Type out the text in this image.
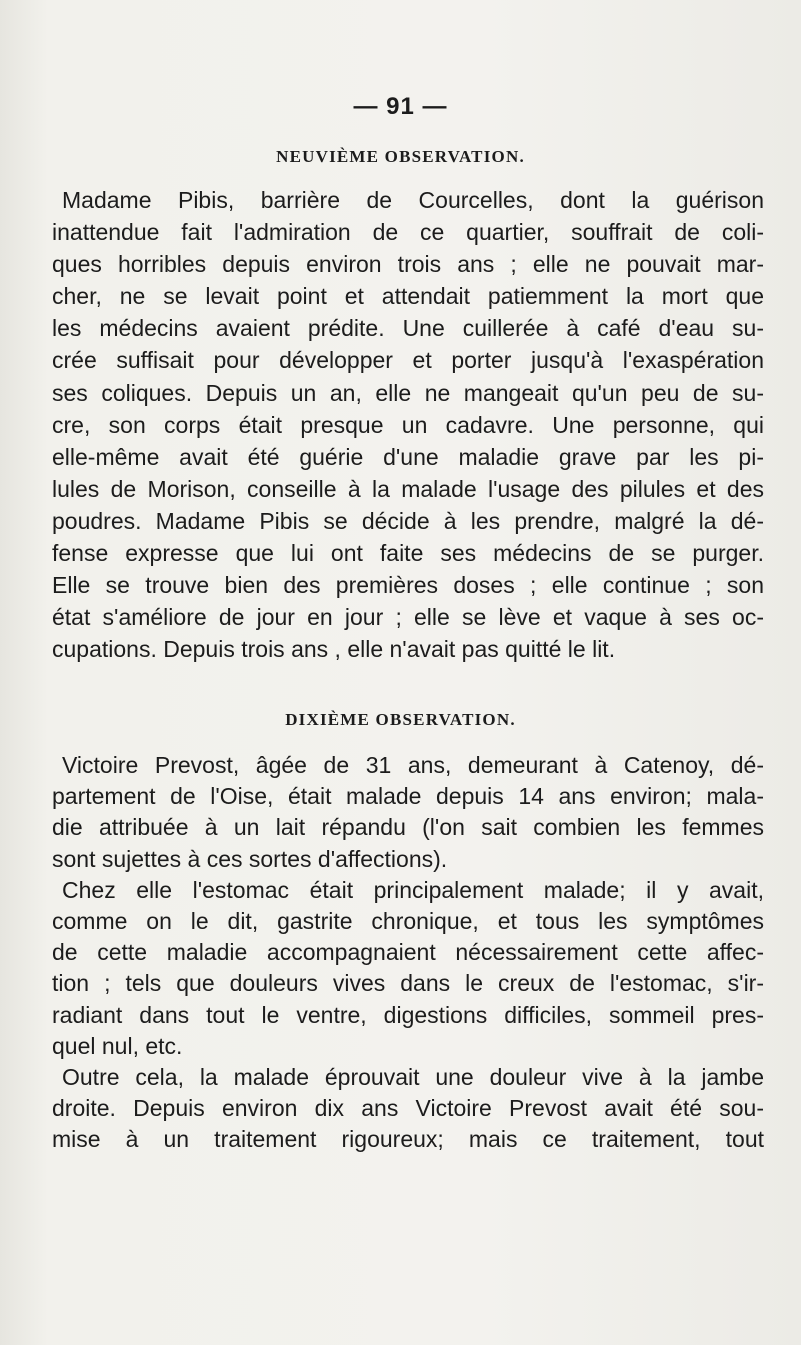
— 91 —
NEUVIÈME OBSERVATION.
Madame Pibis, barrière de Courcelles, dont la guérison
inattendue fait l'admiration de ce quartier, souffrait de coli-
ques horribles depuis environ trois ans ; elle ne pouvait mar-
cher, ne se levait point et attendait patiemment la mort que
les médecins avaient prédite. Une cuillerée à café d'eau su-
crée suffisait pour développer et porter jusqu'à l'exaspération
ses coliques. Depuis un an, elle ne mangeait qu'un peu de su-
cre, son corps était presque un cadavre. Une personne, qui
elle-même avait été guérie d'une maladie grave par les pi-
lules de Morison, conseille à la malade l'usage des pilules et des
poudres. Madame Pibis se décide à les prendre, malgré la dé-
fense expresse que lui ont faite ses médecins de se purger.
Elle se trouve bien des premières doses ; elle continue ; son
état s'améliore de jour en jour ; elle se lève et vaque à ses oc-
cupations. Depuis trois ans , elle n'avait pas quitté le lit.
DIXIÈME OBSERVATION.
Victoire Prevost, âgée de 31 ans, demeurant à Catenoy, dé-
partement de l'Oise, était malade depuis 14 ans environ; mala-
die attribuée à un lait répandu (l'on sait combien les femmes
sont sujettes à ces sortes d'affections).
Chez elle l'estomac était principalement malade; il y avait,
comme on le dit, gastrite chronique, et tous les symptômes
de cette maladie accompagnaient nécessairement cette affec-
tion ; tels que douleurs vives dans le creux de l'estomac, s'ir-
radiant dans tout le ventre, digestions difficiles, sommeil pres-
quel nul, etc.
Outre cela, la malade éprouvait une douleur vive à la jambe
droite. Depuis environ dix ans Victoire Prevost avait été sou-
mise à un traitement rigoureux; mais ce traitement, tout
